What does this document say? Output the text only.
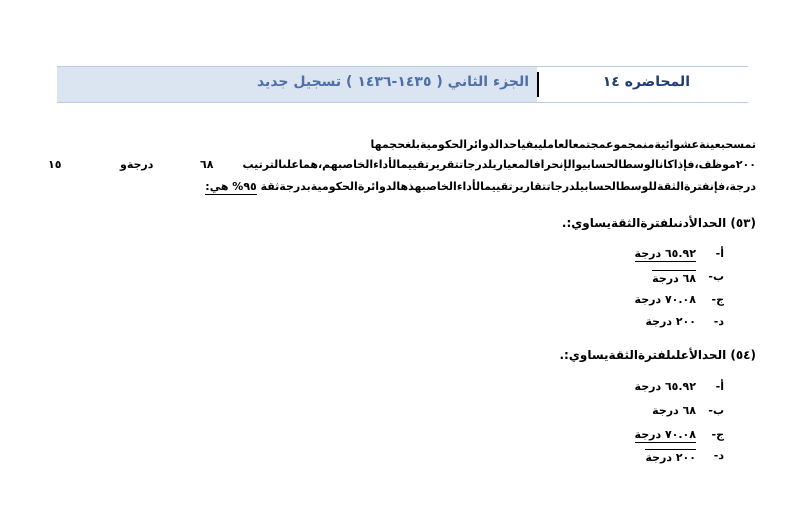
الجزء الثاني ( ١٤٣٥-١٤٣٦ ) تسجيل جديد	المحاضره ١٤
تمسحبعينةعشوائيةمنمجموعمجتمعالعامليبفياحدالدوائرالحكوميةبلغحجمها
٢٠٠موظف،فإذاكانالوسطالحسابيوالإنحرافالمعياريلدرجاتتقريرتقييمالأداءالخاصبهم،هماعلىالترتيب
٦٨
درجةو
١٥
درجة،فإنفترةالثقةللوسطالحسابيلدرجاتتقاريرتقييمالأداءالخاصبهذهالدوائرةالحكوميةبدرجةثقة ٩٥% هي:
(٥٣) الحدالأدنىلفترةالثقةيساوي:.
أ-
٦٥.٩٢ درجة
ب-
٦٨ درجة
ج-
٧٠.٠٨ درجة
د-
٢٠٠ درجة
(٥٤) الحدالأعلىلفترةالثقةيساوي:.
أ-
٦٥.٩٢ درجة
ب-
٦٨ درجة
ج-
٧٠.٠٨ درجة
د-
٢٠٠ درجة
